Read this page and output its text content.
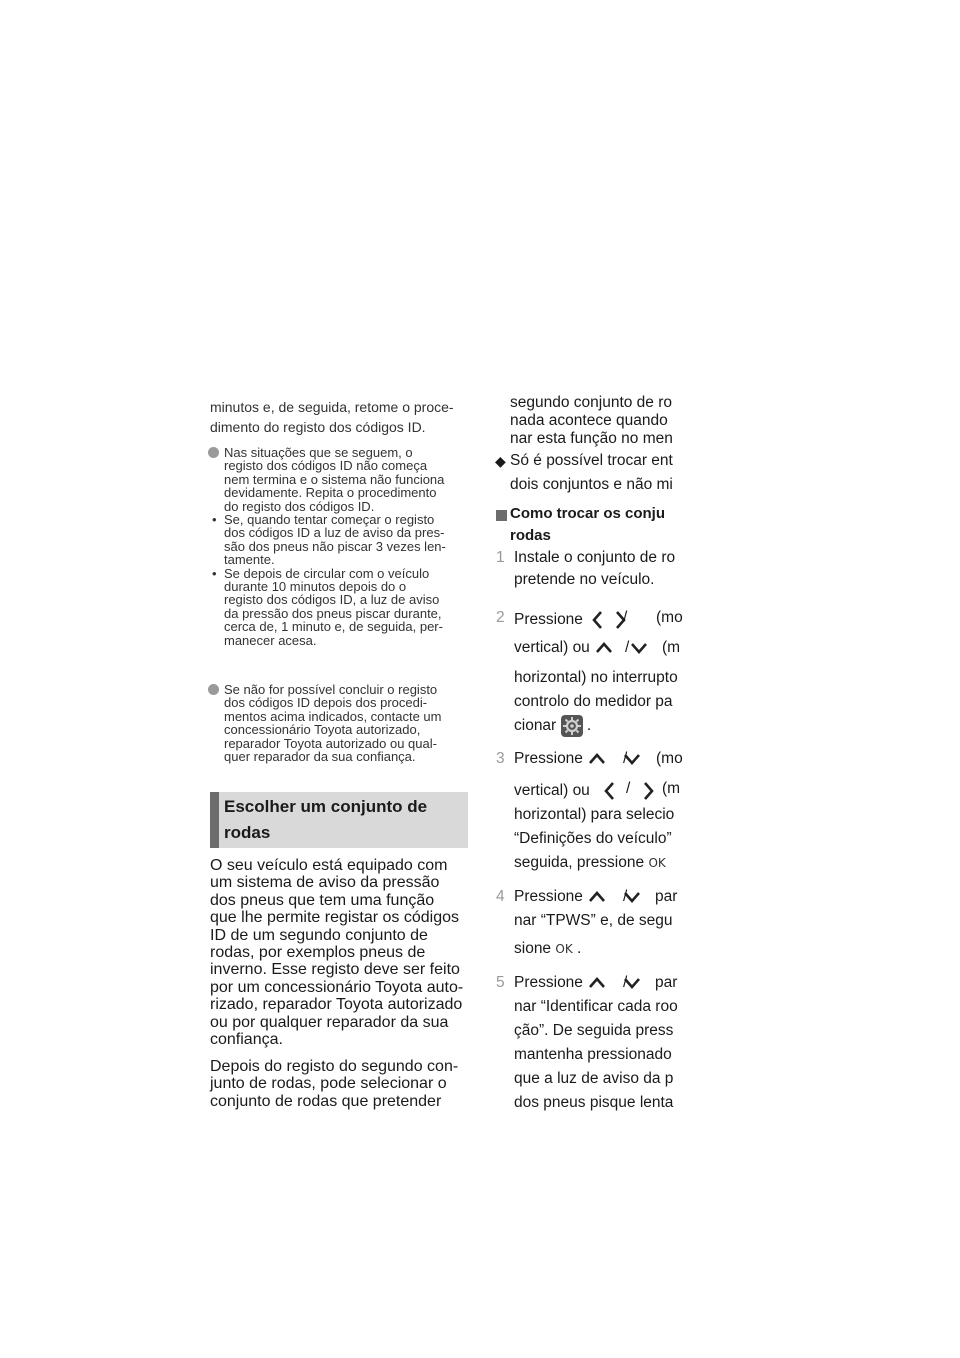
minutos e, de seguida, retome o proce-
dimento do registo dos códigos ID.
Nas situações que se seguem, o
registo dos códigos ID não começa
nem termina e o sistema não funciona
devidamente. Repita o procedimento
do registo dos códigos ID.
• Se, quando tentar começar o registo
dos códigos ID a luz de aviso da pres-
são dos pneus não piscar 3 vezes len-
tamente.
• Se depois de circular com o veículo
durante 10 minutos depois do o
registo dos códigos ID, a luz de aviso
da pressão dos pneus piscar durante,
cerca de, 1 minuto e, de seguida, per-
manecer acesa.
Se não for possível concluir o registo
dos códigos ID depois dos procedi-
mentos acima indicados, contacte um
concessionário Toyota autorizado,
reparador Toyota autorizado ou qual-
quer reparador da sua confiança.
Escolher um conjunto de
rodas
O seu veículo está equipado com
um sistema de aviso da pressão
dos pneus que tem uma função
que lhe permite registar os códigos
ID de um segundo conjunto de
rodas, por exemplos pneus de
inverno. Esse registo deve ser feito
por um concessionário Toyota auto-
rizado, reparador Toyota autorizado
ou por qualquer reparador da sua
confiança.
Depois do registo do segundo con-
junto de rodas, pode selecionar o
conjunto de rodas que pretender
segundo conjunto de ro
nada acontece quando
nar esta função no men
◆ Só é possível trocar ent
dois conjuntos e não mi
Como trocar os conju
rodas
1 Instale o conjunto de ro
pretende no veículo.
2 Pressione	/ (mo
vertical) ou / (m
horizontal) no interrupto
controlo do medidor pa
cionar .
3 Pressione	/ (mo
vertical) ou / (m
horizontal) para selecio
“Definições do veículo”
seguida, pressione OK
4 Pressione	/ par
nar “TPWS” e, de segu
sione OK .
5 Pressione	/ par
nar “Identificar cada roo
ção”. De seguida press
mantenha pressionado
que a luz de aviso da p
dos pneus pisque lenta
